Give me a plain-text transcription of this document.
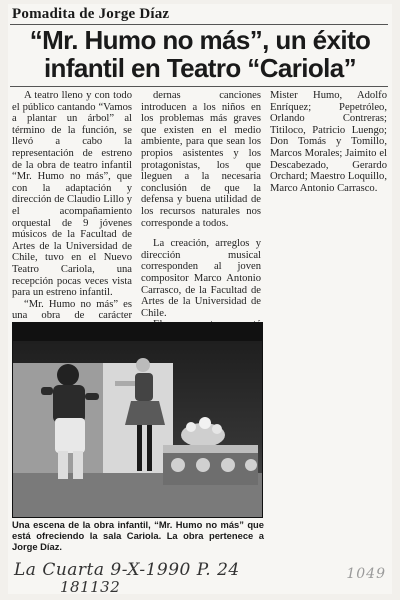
Pomadita de Jorge Díaz
“Mr. Humo no más”, un éxito
infantil en Teatro “Cariola”

A teatro lleno y con todo el público cantando “Vamos a plantar un árbol” al término de la función, se llevó a cabo la representación de estreno de la obra de teatro infantil “Mr. Humo no más”, que con la adaptación y dirección de Claudio Lillo y el acompañamiento orquestal de 9 jóvenes músicos de la Facultad de Artes de la Universidad de Chile, tuvo en el Nuevo Teatro Cariola, una recepción pocas veces vista para un estreno infantil.

“Mr. Humo no más” es una obra de carácter

dernas canciones introducen a los niños en los problemas más graves que existen en el medio ambiente, para que sean los propios asistentes y los protagonistas, los que lleguen a la necesaria conclusión de que la defensa y buena utilidad de los recursos naturales nos corresponde a todos.

La creación, arreglos y dirección musical corresponden al joven compositor Marco Antonio Carrasco, de la Facultad de Artes de la Universidad de Chile.

Mister Humo, Adolfo Enríquez; Pepetróleo, Orlando Contreras; Titiloco, Patricio Luengo; Don Tomás y Tomillo, Marcos Morales; Jaimito el Descabezado, Gerardo Orchard; Maestro Loquillo, Marco Antonio Carrasco.

Una escena de la obra infantil, “Mr. Humo no más” que está ofreciendo la sala Cariola. La obra pertenece a Jorge Díaz.
La Cuarta 9-X-1990 P. 24
181132
1049
